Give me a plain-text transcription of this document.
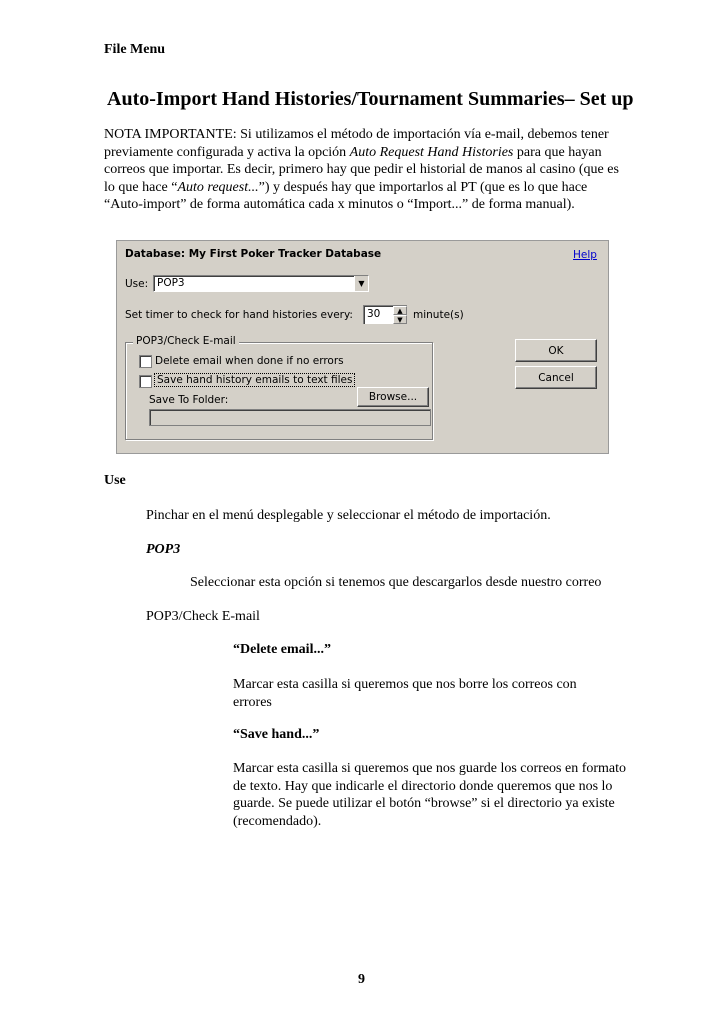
File Menu
Auto-Import Hand Histories/Tournament Summaries– Set up
NOTA IMPORTANTE: Si utilizamos el método de importación vía e-mail, debemos tener previamente configurada y activa la opción Auto Request Hand Histories para que hayan correos que importar. Es decir, primero hay que pedir el historial de manos al casino (que es lo que hace “Auto request...”) y después hay que importarlos al PT (que es lo que hace “Auto-import” de forma automática cada x minutos o “Import...” de forma manual).
Database: My First Poker Tracker Database	Help
Use: POP3	▼
Set timer to check for hand histories every: 30	▲
▼ minute(s)
POP3/Check E-mail
Delete email when done if no errors
Save hand history emails to text files
Browse...
Save To Folder:
OK
Cancel
Use
Pinchar en el menú desplegable y seleccionar el método de importación.
POP3
Seleccionar esta opción si tenemos que descargarlos desde nuestro correo
POP3/Check E-mail
“Delete email...”
Marcar esta casilla si queremos que nos borre los correos con errores
“Save hand...”
Marcar esta casilla si queremos que nos guarde los correos en formato de texto. Hay que indicarle el directorio donde queremos que nos lo guarde. Se puede utilizar el botón “browse” si el directorio ya existe (recomendado).
9
